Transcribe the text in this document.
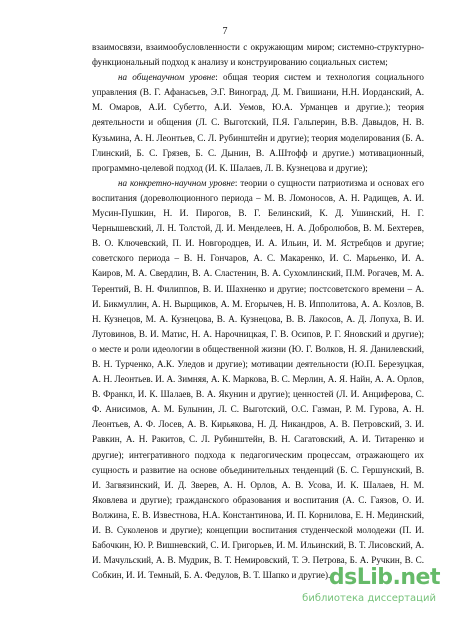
7

взаимосвязи, взаимообусловленности с окружающим миром; системно-структурно-функциональный подход к анализу и конструированию социальных систем;

на общенаучном уровне: общая теория систем и технология социального управления (В. Г. Афанасьев, Э.Г. Виноград, Д. М. Гвишиани, Н.Н. Иорданский, А. М. Омаров, А.И. Субетто, А.И. Уемов, Ю.А. Урманцев и другие.); теория деятельности и общения (Л. С. Выготский, П.Я. Гальперин, В.В. Давыдов, Н. В. Кузьмина, А. Н. Леонтьев, С. Л. Рубинштейн и другие); теория моделирования (Б. А. Глинский, Б. С. Грязев, Б. С. Дынин, В. А.Штофф и другие.) мотивационный, программно-целевой подход (И. К. Шалаев, Л. В. Кузнецова и другие);

на конкретно-научном уровне: теории о сущности патриотизма и основах его воспитания (дореволюционного периода – М. В. Ломоносов, А. Н. Радищев, А. И. Мусин-Пушкин, Н. И. Пирогов, В. Г. Белинский, К. Д. Ушинский, Н. Г. Чернышевский, Л. Н. Толстой, Д. И. Менделеев, Н. А. Добролюбов, В. М. Бехтерев, В. О. Ключевский, П. И. Новгородцев, И. А. Ильин, И. М. Ястребцов и другие; советского периода – В. Н. Гончаров, А. С. Макаренко, И. С. Марьенко, И. А. Каиров, М. А. Свердлин, В. А. Сластенин, В. А. Сухомлинский, П.М. Рогачев, М. А. Терентий, В. Н. Филиппов, В. И. Шахненко и другие; постсоветского времени – А. И. Бикмуллин, А. Н. Вырщиков, А. М. Егорычев, Н. В. Ипполитова, А. А. Козлов, В. Н. Кузнецов, М. А. Кузнецова, В. А. Кузнецова, В. В. Лакосов, А. Д. Лопуха, В. И. Лутовинов, В. И. Матис, Н. А. Нарочницкая, Г. В. Осипов, Р. Г. Яновский и другие); о месте и роли идеологии в общественной жизни (Ю. Г. Волков, Н. Я. Данилевский, В. Н. Турченко, А.К. Уледов и другие); мотивации деятельности (Ю.П. Березуцкая, А. Н. Леонтьев. И. А. Зимняя, А. К. Маркова, В. С. Мерлин, А. Я. Найн, А. А. Орлов, В. Франкл, И. К. Шалаев, В. А. Якунин и другие); ценностей (Л. И. Анциферова, С. Ф. Анисимов, А. М. Булынин, Л. С. Выготский, О.С. Газман, Р. М. Гурова, А. Н. Леонтьев, А. Ф. Лосев, А. В. Кирьякова, Н. Д. Никандров, А. В. Петровский, З. И. Равкин, А. Н. Ракитов, С. Л. Рубинштейн, В. Н. Сагатовский, А. И. Титаренко и другие); интегративного подхода к педагогическим процессам, отражающего их сущность и развитие на основе объединительных тенденций (Б. С. Гершунский, В. И. Загвязинский, И. Д. Зверев, А. Н. Орлов, А. В. Усова, И. К. Шалаев, Н. М. Яковлева и другие); гражданского образования и воспитания (А. С. Гаязов, О. И. Волжина, Е. В. Известнова, Н.А. Константинова, И. П. Корнилова, Е. Н. Мединский, И. В. Суколенов и другие); концепции воспитания студенческой молодежи (П. И. Бабочкин, Ю. Р. Вишневский, С. И. Григорьев, И. М. Ильинский, В. Т. Лисовский, А. И. Мачульский, А. В. Мудрик, В. Т. Немировский, Т. Э. Петрова, Б. А. Ручкин, В. С. Собкин, И. И. Темный, Б. А. Федулов, В. Т. Шапко и другие).

dsLib.net
библиотека диссертаций
